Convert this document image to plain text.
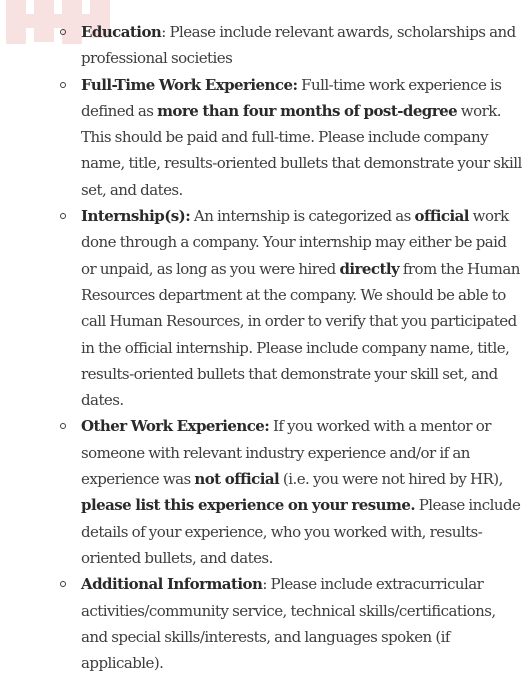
Education: Please include relevant awards, scholarships and professional societies
Full-Time Work Experience: Full-time work experience is defined as more than four months of post-degree work. This should be paid and full-time. Please include company name, title, results-oriented bullets that demonstrate your skill set, and dates.
Internship(s): An internship is categorized as official work done through a company. Your internship may either be paid or unpaid, as long as you were hired directly from the Human Resources department at the company. We should be able to call Human Resources, in order to verify that you participated in the official internship. Please include company name, title, results-oriented bullets that demonstrate your skill set, and dates.
Other Work Experience: If you worked with a mentor or someone with relevant industry experience and/or if an experience was not official (i.e. you were not hired by HR), please list this experience on your resume. Please include details of your experience, who you worked with, results-oriented bullets, and dates.
Additional Information: Please include extracurricular activities/community service, technical skills/certifications, and special skills/interests, and languages spoken (if applicable).
